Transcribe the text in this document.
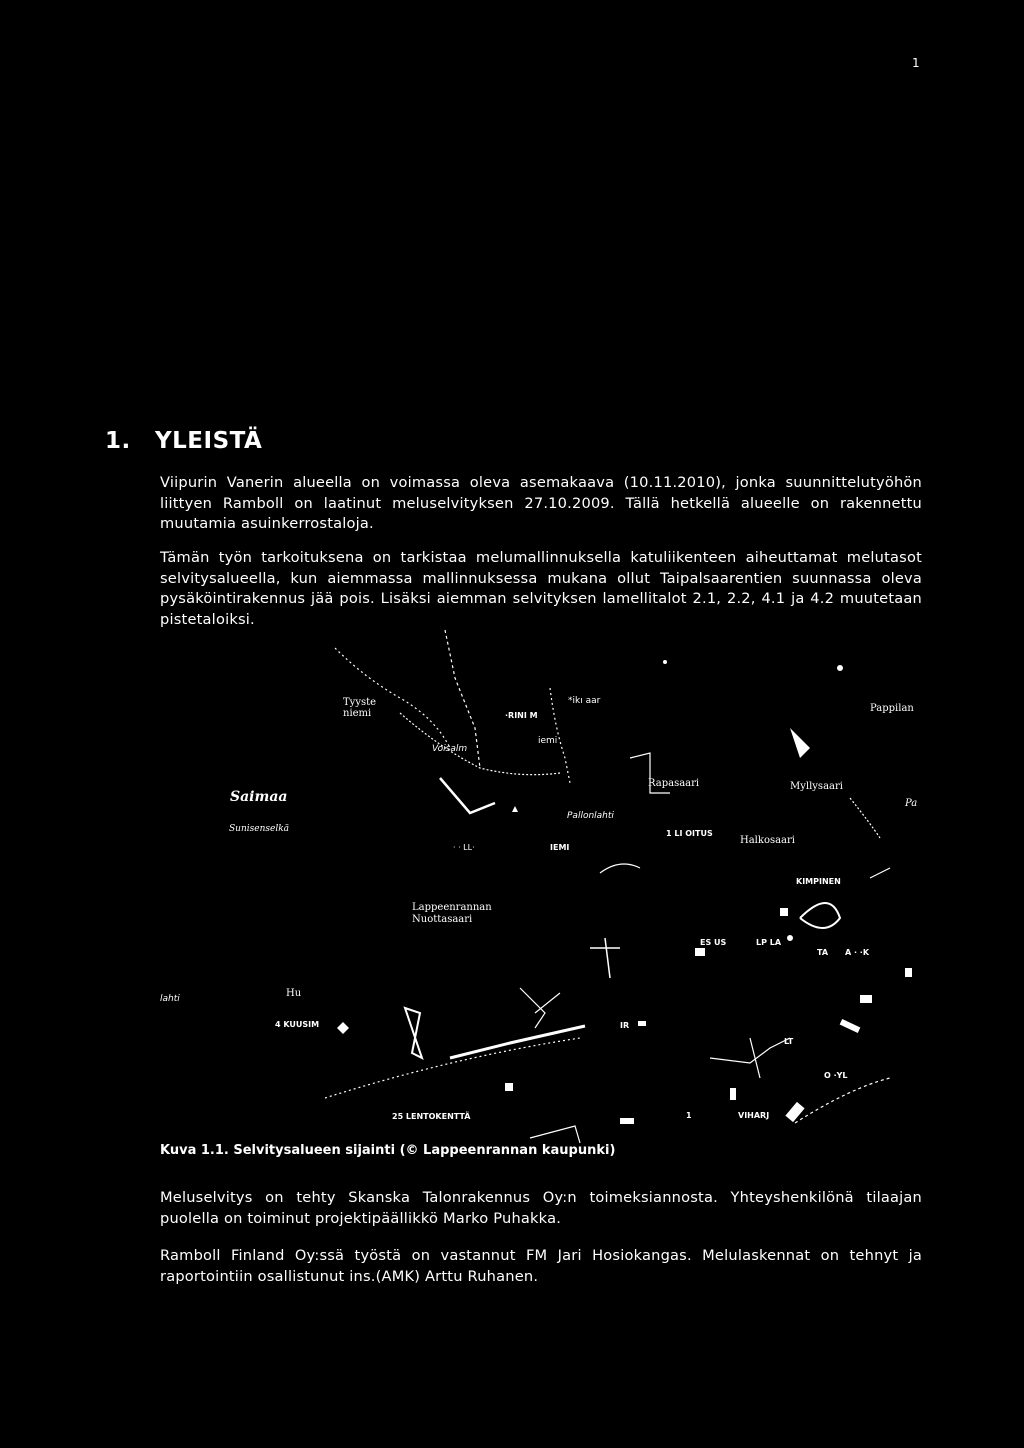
1
1. YLEISTÄ
Viipurin Vanerin alueella on voimassa oleva asemakaava (10.11.2010), jonka suunnittelutyöhön liittyen Ramboll on laatinut meluselvityksen 27.10.2009. Tällä hetkellä alueelle on rakennettu muutamia asuinkerrostaloja.
Tämän työn tarkoituksena on tarkistaa melumallinnuksella katuliikenteen aiheuttamat melutasot selvitysalueella, kun aiemmassa mallinnuksessa mukana ollut Taipalsaarentien suunnassa oleva pysäköintirakennus jää pois. Lisäksi aiemman selvityksen lamellitalot 2.1, 2.2, 4.1 ja 4.2 muutetaan pistetaloiksi.
Tyyste
niemi	·RINI M
*ikı aar
Voisalm
iemi
Pappilan
Saimaa
Rapasaari	Myllysaari
Pa
Pallonlahti
Sunisenselkä
· · LL·	IEMI
1 LI OITUS
Halkosaari
KIMPINEN
Lappeenrannan
Nuottasaari
ES US	LP LA
TA A · ·K
lahti	Hu
4 KUUSIM	IR
LT
O ·YL
25 LENTOKENTTÄ	1	VIHARJ
Kuva 1.1. Selvitysalueen sijainti (© Lappeenrannan kaupunki)
Meluselvitys on tehty Skanska Talonrakennus Oy:n toimeksiannosta. Yhteyshenkilönä tilaajan puolella on toiminut projektipäällikkö Marko Puhakka.
Ramboll Finland Oy:ssä työstä on vastannut FM Jari Hosiokangas. Melulaskennat on tehnyt ja raportointiin osallistunut ins.(AMK) Arttu Ruhanen.
